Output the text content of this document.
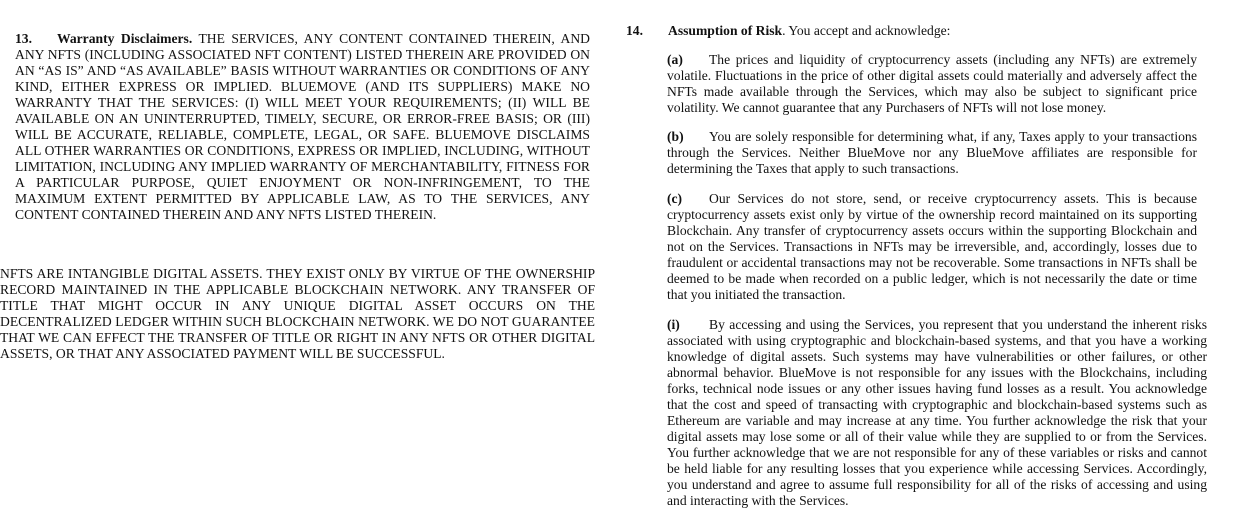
13. Warranty Disclaimers. THE SERVICES, ANY CONTENT CONTAINED THEREIN, AND ANY NFTS (INCLUDING ASSOCIATED NFT CONTENT) LISTED THEREIN ARE PROVIDED ON AN “AS IS” AND “AS AVAILABLE” BASIS WITHOUT WARRANTIES OR CONDITIONS OF ANY KIND, EITHER EXPRESS OR IMPLIED. BLUEMOVE (AND ITS SUPPLIERS) MAKE NO WARRANTY THAT THE SERVICES: (I) WILL MEET YOUR REQUIREMENTS; (II) WILL BE AVAILABLE ON AN UNINTERRUPTED, TIMELY, SECURE, OR ERROR-FREE BASIS; OR (III) WILL BE ACCURATE, RELIABLE, COMPLETE, LEGAL, OR SAFE. BLUEMOVE DISCLAIMS ALL OTHER WARRANTIES OR CONDITIONS, EXPRESS OR IMPLIED, INCLUDING, WITHOUT LIMITATION, INCLUDING ANY IMPLIED WARRANTY OF MERCHANTABILITY, FITNESS FOR A PARTICULAR PURPOSE, QUIET ENJOYMENT OR NON-INFRINGEMENT, TO THE MAXIMUM EXTENT PERMITTED BY APPLICABLE LAW, AS TO THE SERVICES, ANY CONTENT CONTAINED THEREIN AND ANY NFTS LISTED THEREIN.
NFTS ARE INTANGIBLE DIGITAL ASSETS. THEY EXIST ONLY BY VIRTUE OF THE OWNERSHIP RECORD MAINTAINED IN THE APPLICABLE BLOCKCHAIN NETWORK. ANY TRANSFER OF TITLE THAT MIGHT OCCUR IN ANY UNIQUE DIGITAL ASSET OCCURS ON THE DECENTRALIZED LEDGER WITHIN SUCH BLOCKCHAIN NETWORK. WE DO NOT GUARANTEE THAT WE CAN EFFECT THE TRANSFER OF TITLE OR RIGHT IN ANY NFTS OR OTHER DIGITAL ASSETS, OR THAT ANY ASSOCIATED PAYMENT WILL BE SUCCESSFUL.
14. Assumption of Risk. You accept and acknowledge:
(a) The prices and liquidity of cryptocurrency assets (including any NFTs) are extremely volatile. Fluctuations in the price of other digital assets could materially and adversely affect the NFTs made available through the Services, which may also be subject to significant price volatility. We cannot guarantee that any Purchasers of NFTs will not lose money.
(b) You are solely responsible for determining what, if any, Taxes apply to your transactions through the Services. Neither BlueMove nor any BlueMove affiliates are responsible for determining the Taxes that apply to such transactions.
(c) Our Services do not store, send, or receive cryptocurrency assets. This is because cryptocurrency assets exist only by virtue of the ownership record maintained on its supporting Blockchain. Any transfer of cryptocurrency assets occurs within the supporting Blockchain and not on the Services. Transactions in NFTs may be irreversible, and, accordingly, losses due to fraudulent or accidental transactions may not be recoverable. Some transactions in NFTs shall be deemed to be made when recorded on a public ledger, which is not necessarily the date or time that you initiated the transaction.
(i) By accessing and using the Services, you represent that you understand the inherent risks associated with using cryptographic and blockchain-based systems, and that you have a working knowledge of digital assets. Such systems may have vulnerabilities or other failures, or other abnormal behavior. BlueMove is not responsible for any issues with the Blockchains, including forks, technical node issues or any other issues having fund losses as a result. You acknowledge that the cost and speed of transacting with cryptographic and blockchain-based systems such as Ethereum are variable and may increase at any time. You further acknowledge the risk that your digital assets may lose some or all of their value while they are supplied to or from the Services. You further acknowledge that we are not responsible for any of these variables or risks and cannot be held liable for any resulting losses that you experience while accessing Services. Accordingly, you understand and agree to assume full responsibility for all of the risks of accessing and using and interacting with the Services.
